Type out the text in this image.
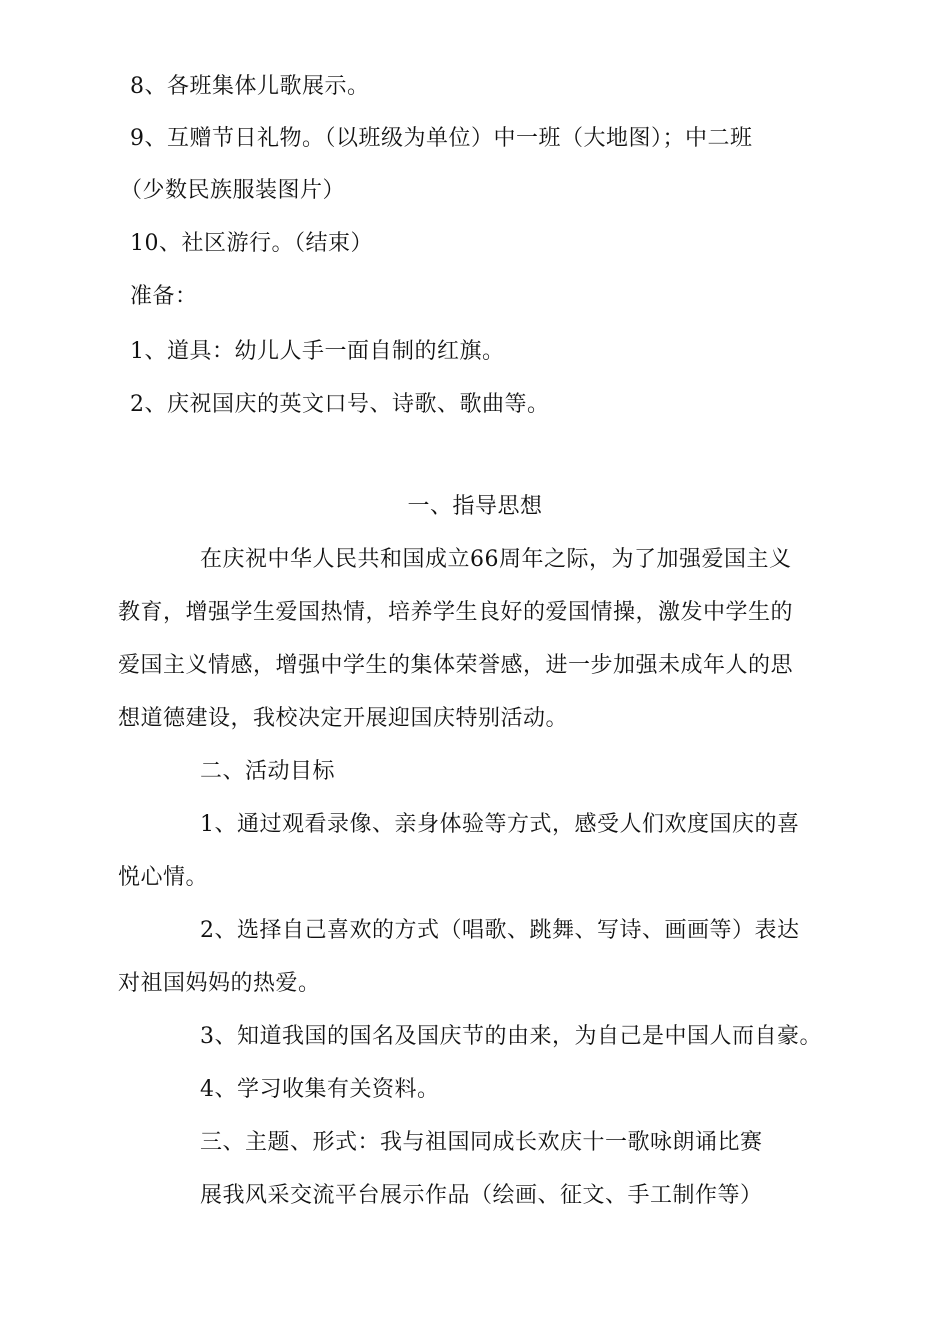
8、各班集体儿歌展示。
9、互赠节日礼物。（以班级为单位）中一班（大地图）；中二班
（少数民族服装图片）
10、社区游行。（结束）
准备：
1、道具：幼儿人手一面自制的红旗。
2、庆祝国庆的英文口号、诗歌、歌曲等。
一、指导思想
在庆祝中华人民共和国成立66周年之际，为了加强爱国主义
教育，增强学生爱国热情，培养学生良好的爱国情操，激发中学生的
爱国主义情感，增强中学生的集体荣誉感，进一步加强未成年人的思
想道德建设，我校决定开展迎国庆特别活动。
二、活动目标
1、通过观看录像、亲身体验等方式，感受人们欢度国庆的喜
悦心情。
2、选择自己喜欢的方式（唱歌、跳舞、写诗、画画等）表达
对祖国妈妈的热爱。
3、知道我国的国名及国庆节的由来，为自己是中国人而自豪。
4、学习收集有关资料。
三、主题、形式：我与祖国同成长欢庆十一歌咏朗诵比赛
展我风采交流平台展示作品（绘画、征文、手工制作等）
